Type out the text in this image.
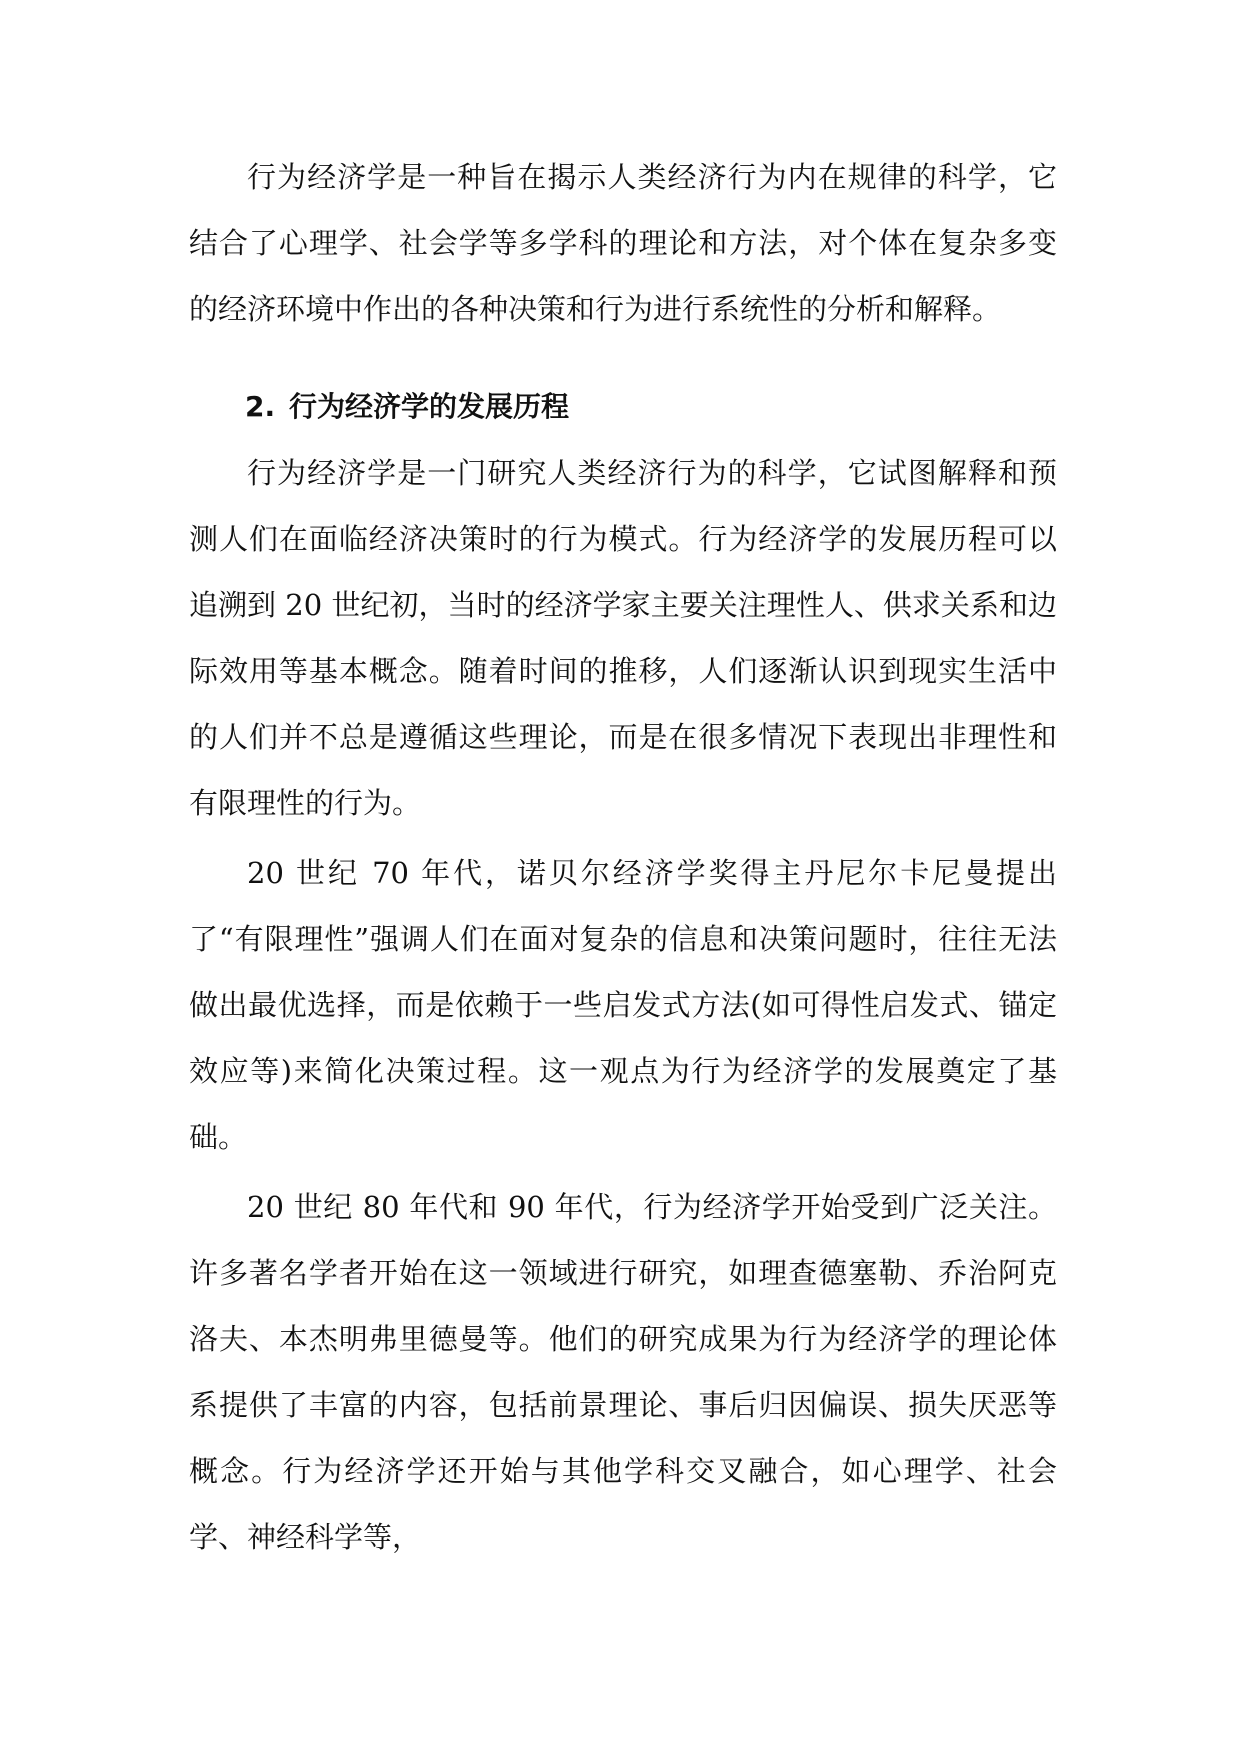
行为经济学是一种旨在揭示人类经济行为内在规律的科学，它结合了心理学、社会学等多学科的理论和方法，对个体在复杂多变的经济环境中作出的各种决策和行为进行系统性的分析和解释。

2. 行为经济学的发展历程

行为经济学是一门研究人类经济行为的科学，它试图解释和预测人们在面临经济决策时的行为模式。行为经济学的发展历程可以追溯到 20 世纪初，当时的经济学家主要关注理性人、供求关系和边际效用等基本概念。随着时间的推移，人们逐渐认识到现实生活中的人们并不总是遵循这些理论，而是在很多情况下表现出非理性和有限理性的行为。

20 世纪 70 年代，诺贝尔经济学奖得主丹尼尔卡尼曼提出了“有限理性”强调人们在面对复杂的信息和决策问题时，往往无法做出最优选择，而是依赖于一些启发式方法(如可得性启发式、锚定效应等)来简化决策过程。这一观点为行为经济学的发展奠定了基础。

20 世纪 80 年代和 90 年代，行为经济学开始受到广泛关注。许多著名学者开始在这一领域进行研究，如理查德塞勒、乔治阿克洛夫、本杰明弗里德曼等。他们的研究成果为行为经济学的理论体系提供了丰富的内容，包括前景理论、事后归因偏误、损失厌恶等概念。行为经济学还开始与其他学科交叉融合，如心理学、社会学、神经科学等，
